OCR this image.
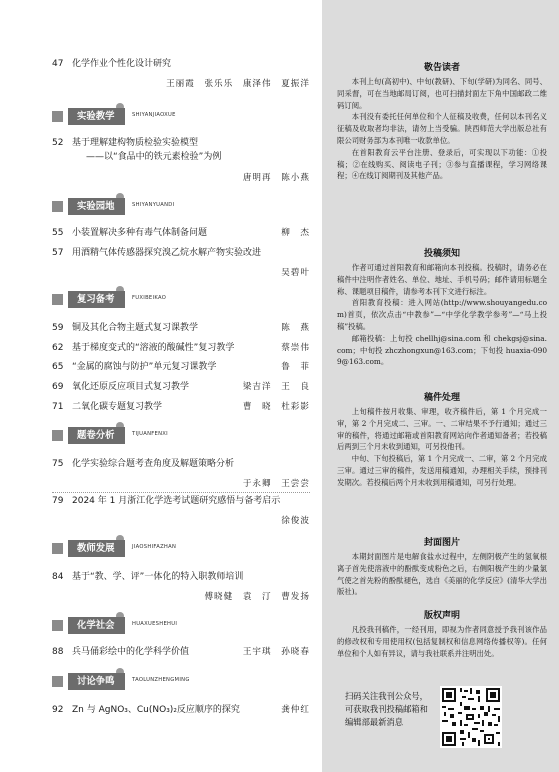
47 化学作业个性化设计研究
王丽霞　张乐乐　康泽伟　夏振洋
实验教学	SHIYANJIAOXUE
52 基于理解建构物质检验实验模型
——以“食品中的铁元素检验”为例
唐明再　陈小燕
实验园地	SHIYANYUANDI
55 小装置解决多种有毒气体制备问题	柳　杰
57 用酒精气体传感器探究溴乙烷水解产物实验改进
吴碧叶
复习备考	FUXIBEIKAO
59 铜及其化合物主题式复习课教学	陈　燕
62 基于梯度变式的“溶液的酸碱性”复习教学	蔡崇伟
65 “金属的腐蚀与防护”单元复习课教学	鲁　菲
69 氧化还原反应项目式复习教学	梁吉洋　王　良
71 二氧化碳专题复习教学	曹　晓　杜彩影
题卷分析	TIJUANFENXI
75 化学实验综合题考查角度及解题策略分析
于永卿　王尝尝
79 2024 年 1 月浙江化学选考试题研究感悟与备考启示
徐俊波
教师发展	JIAOSHIFAZHAN
84 基于“教、学、评”一体化的特入职教师培训
傅晓健　袁　汀　曹发扬
化学社会	HUAXUESHEHUI
88 兵马俑彩绘中的化学科学价值	王宇琪　孙晓春
讨论争鸣	TAOLUNZHENGMING
92 Zn 与 AgNO₃、Cu(NO₃)₂反应顺序的探究	龚仲红
敬告读者

本刊上旬(高初中)、中旬(教研)、下旬(学研)为同名、同号、同采督，可在当地邮局订阅，也可扫描封面左下角中国邮政二维码订阅。

本刊没有委托任何单位和个人征稿及收费，任何以本刊名义征稿及收取者均非法，请勿上当受骗。陕西师范大学出版总社有限公司财务部为本刊唯一收款单位。

在首阳教育云平台注册、登录后，可实现以下功能：①投稿；②在线购买、阅读电子刊；③参与直播课程，学习网络课程；④在线订阅期刊及其他产品。

投稿须知

作者可通过首阳教育和邮箱向本刊投稿。投稿时，请务必在稿件中注明作者姓名、单位、地址、手机号码；邮件请用标题全称、课题项目稿件，请参考本刊下文进行标注。

首阳教育投稿：进入网站(http://www.shouyangedu.com)首页，依次点击“中教参”—“中学化学教学参考”—“马上投稿”投稿。

邮箱投稿：上旬投 chellhj@sina.com 和 chekgsj@sina.com；中旬投 zhczhongxun@163.com；下旬投 huaxia-0909@163.com。

稿件处理

上旬稿件按月收集、审理，收齐稿件后，第 1 个月完成一审，第 2 个月完成二、三审。一、二审结果不予行通知；通过三审的稿件，将通过邮箱或首阳教育网站向作者通知备者；若投稿后两到三个月未收到通知，可另投他刊。

中旬、下旬投稿后，第 1 个月完成一、二审，第 2 个月完成三审。通过三审的稿件，发送用稿通知，办理相关手续，预排刊发期次。若投稿后两个月未收到用稿通知，可另行处理。

封面图片

本期封面图片是电解食盐水过程中，左侧阴极产生的氢氧根离子首先使溶液中的酚酞变成粉色之后，右侧阳极产生的少量氯气使之首先粉的酚酞褪色，选自《美丽的化学反应》(清华大学出版社)。

版权声明

凡投我刊稿件，一经刊用，即视为作者同意授予我刊该作品的修改权和专用使用权(包括复制权和信息网络传播权等)。任何单位和个人如有异议，请与我社联系并注明出处。

扫码关注我刊公众号，可获取我刊投稿邮箱和编辑部最新消息
